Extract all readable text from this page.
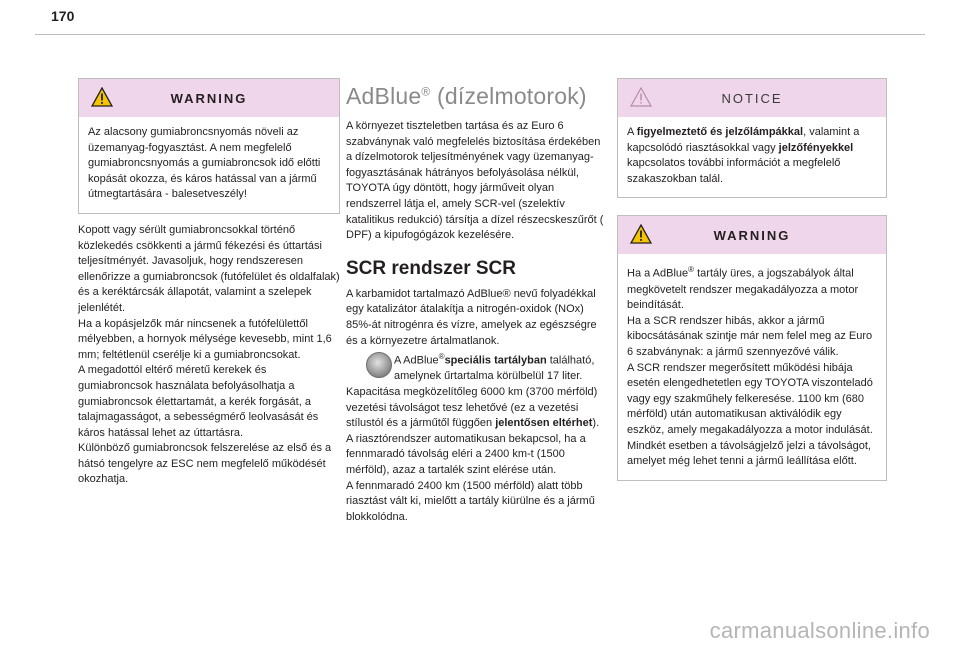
170
WARNING
Az alacsony gumiabroncsnyomás növeli az üzemanyag-fogyasztást. A nem megfelelő gumiabroncsnyomás a gumiabroncsok idő előtti kopását okozza, és káros hatással van a jármű útmegtartására - balesetveszély!

Kopott vagy sérült gumiabroncsokkal történő közlekedés csökkenti a jármű fékezési és úttartási teljesítményét. Javasoljuk, hogy rendszeresen ellenőrizze a gumiabroncsok (futófelület és oldalfalak) és a keréktárcsák állapotát, valamint a szelepek jelenlétét.
Ha a kopásjelzők már nincsenek a futófelülettől mélyebben, a hornyok mélysége kevesebb, mint 1,6 mm; feltétlenül cserélje ki a gumiabroncsokat.
A megadottól eltérő méretű kerekek és gumiabroncsok használata befolyásolhatja a gumiabroncsok élettartamát, a kerék forgását, a talajmagasságot, a sebességmérő leolvasását és káros hatással lehet az úttartásra.
Különböző gumiabroncsok felszerelése az első és a hátsó tengelyre az ESC nem megfelelő működését okozhatja.

AdBlue® (dízelmotorok)

A környezet tiszteletben tartása és az Euro 6 szabványnak való megfelelés biztosítása érdekében a dízelmotorok teljesítményének vagy üzemanyag-fogyasztásának hátrányos befolyásolása nélkül, TOYOTA úgy döntött, hogy járműveit olyan rendszerrel látja el, amely SCR-vel (szelektív katalitikus redukció) társítja a dízel részecskeszűrőt ( DPF) a kipufogógázok kezelésére.

SCR rendszer SCR

A karbamidot tartalmazó AdBlue® nevű folyadékkal egy katalizátor átalakítja a nitrogén-oxidok (NOx) 85%-át nitrogénra és vízre, amelyek az egészségre és a környezetre ártalmatlanok.

A AdBlue®speciális tartályban található, amelynek űrtartalma körülbelül 17 liter.

Kapacitása megközelítőleg 6000 km (3700 mérföld) vezetési távolságot tesz lehetővé (ez a vezetési stílustól és a járműtől függően jelentősen eltérhet). A riasztórendszer automatikusan bekapcsol, ha a fennmaradó távolság eléri a 2400 km-t (1500 mérföld), azaz a tartalék szint elérése után.
A fennmaradó 2400 km (1500 mérföld) alatt több riasztást vált ki, mielőtt a tartály kiürülne és a jármű blokkolódna.

NOTICE
A figyelmeztető és jelzőlámpákkal, valamint a kapcsolódó riasztásokkal vagy jelzőfényekkel kapcsolatos további információt a megfelelő szakaszokban talál.
WARNING
Ha a AdBlue® tartály üres, a jogszabályok által megkövetelt rendszer megakadályozza a motor beindítását.
Ha a SCR rendszer hibás, akkor a jármű kibocsátásának szintje már nem felel meg az Euro 6 szabványnak: a jármű szennyezővé válik.
A SCR rendszer megerősített működési hibája esetén elengedhetetlen egy TOYOTA viszonteladó vagy egy szakműhely felkeresése. 1100 km (680 mérföld) után automatikusan aktiválódik egy eszköz, amely megakadályozza a motor indulását.
Mindkét esetben a távolságjelző jelzi a távolságot, amelyet még lehet tenni a jármű leállítása előtt.
carmanualsonline.info
